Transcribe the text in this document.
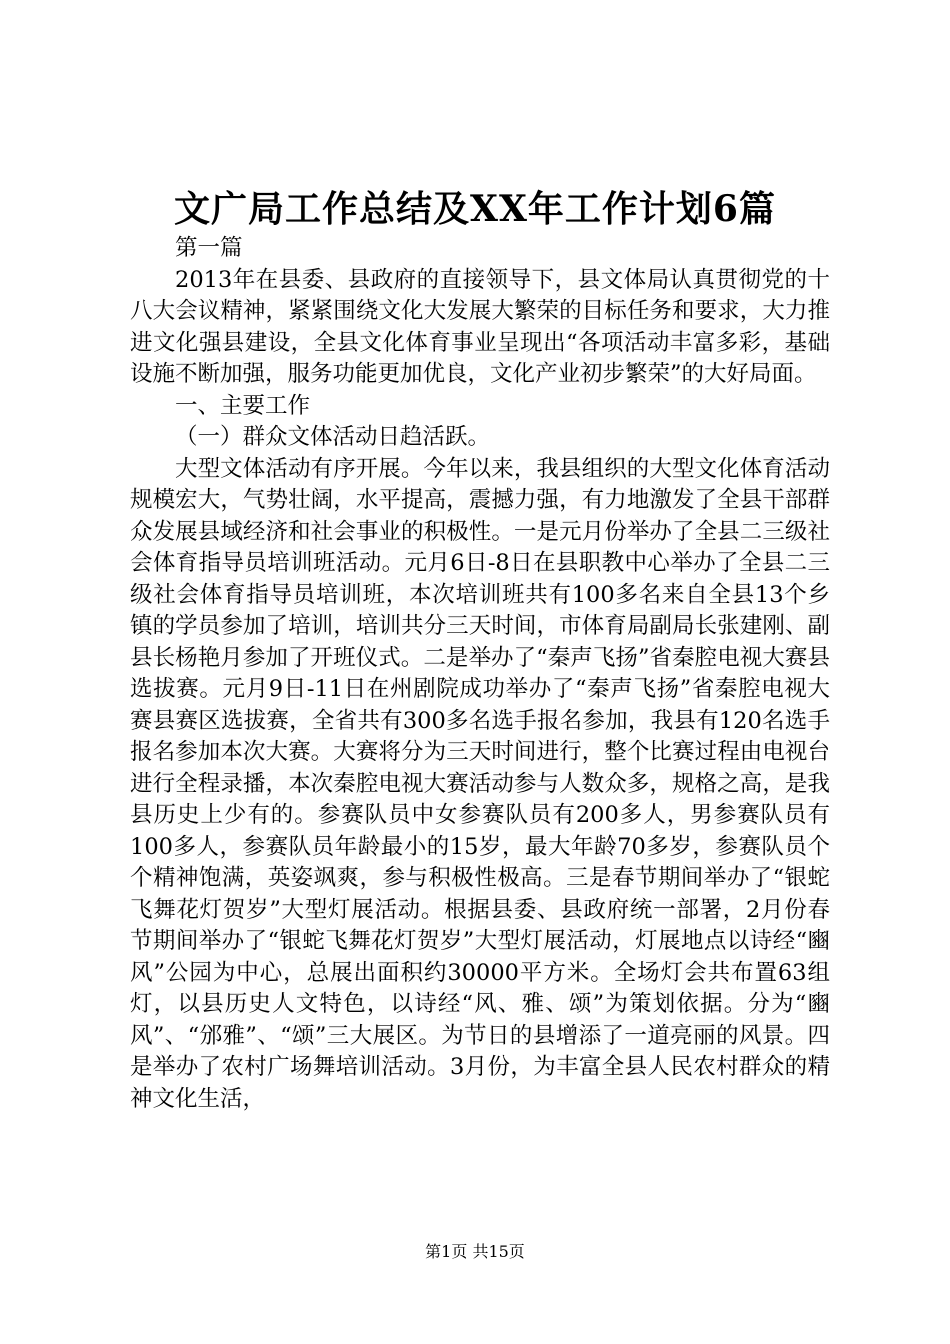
文广局工作总结及XX年工作计划6篇

第一篇

2013年在县委、县政府的直接领导下，县文体局认真贯彻党的十八大会议精神，紧紧围绕文化大发展大繁荣的目标任务和要求，大力推进文化强县建设，全县文化体育事业呈现出“各项活动丰富多彩，基础设施不断加强，服务功能更加优良，文化产业初步繁荣”的大好局面。

一、主要工作

（一）群众文体活动日趋活跃。

大型文体活动有序开展。今年以来，我县组织的大型文化体育活动规模宏大，气势壮阔，水平提高，震撼力强，有力地激发了全县干部群众发展县域经济和社会事业的积极性。一是元月份举办了全县二三级社会体育指导员培训班活动。元月6日-8日在县职教中心举办了全县二三级社会体育指导员培训班，本次培训班共有100多名来自全县13个乡镇的学员参加了培训，培训共分三天时间，市体育局副局长张建刚、副县长杨艳月参加了开班仪式。二是举办了“秦声飞扬”省秦腔电视大赛县选拔赛。元月9日-11日在州剧院成功举办了“秦声飞扬”省秦腔电视大赛县赛区选拔赛，全省共有300多名选手报名参加，我县有120名选手报名参加本次大赛。大赛将分为三天时间进行，整个比赛过程由电视台进行全程录播，本次秦腔电视大赛活动参与人数众多，规格之高，是我县历史上少有的。参赛队员中女参赛队员有200多人，男参赛队员有100多人，参赛队员年龄最小的15岁，最大年龄70多岁，参赛队员个个精神饱满，英姿飒爽，参与积极性极高。三是春节期间举办了“银蛇飞舞花灯贺岁”大型灯展活动。根据县委、县政府统一部署，2月份春节期间举办了“银蛇飞舞花灯贺岁”大型灯展活动，灯展地点以诗经“豳风”公园为中心，总展出面积约30000平方米。全场灯会共布置63组灯，以县历史人文特色，以诗经“风、雅、颂”为策划依据。分为“豳风”、“邠雅”、“颂”三大展区。为节日的县增添了一道亮丽的风景。四是举办了农村广场舞培训活动。3月份，为丰富全县人民农村群众的精神文化生活，

第1页 共15页
